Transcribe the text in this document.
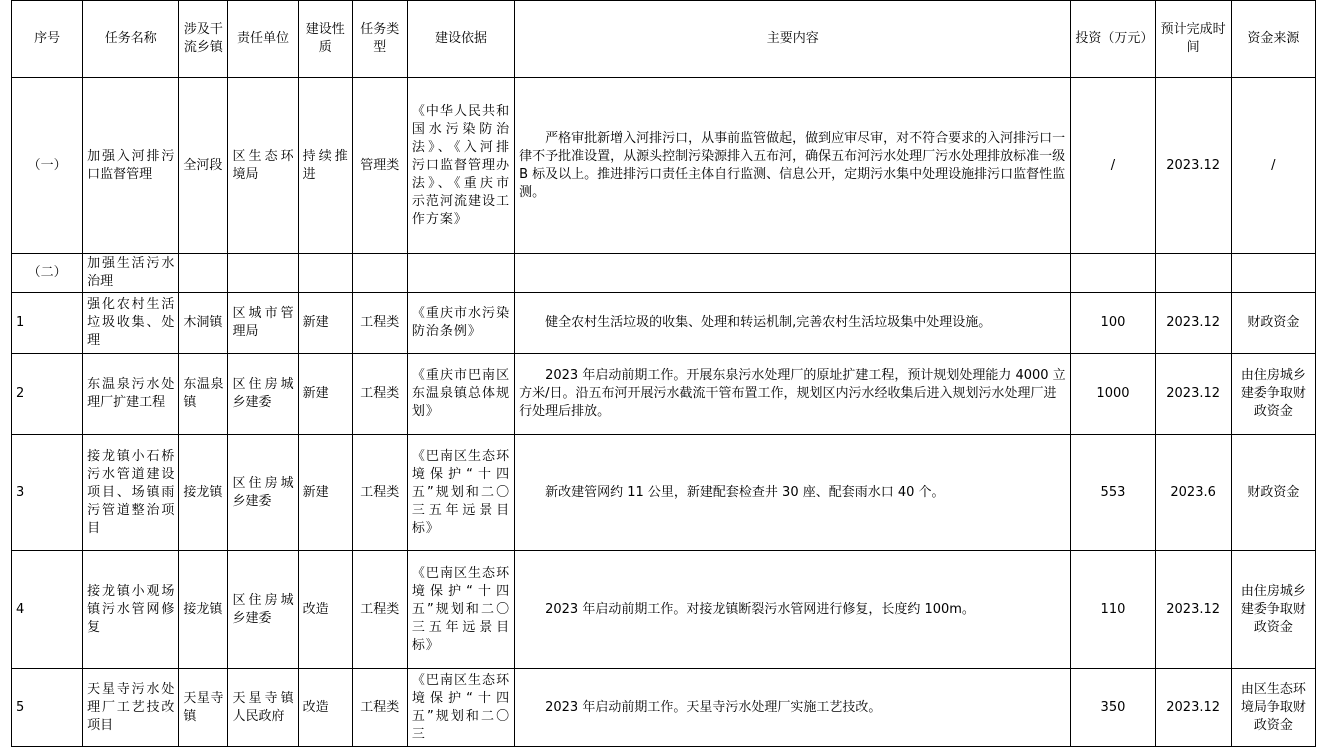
序号	任务名称	涉及干流乡镇	责任单位	建设性质	任务类型	建设依据	主要内容	投资（万元）	预计完成时间	资金来源
（一）	加强入河排污口监督管理	全河段	区生态环境局	持续推进	管理类	《中华人民共和国水污染防治法》、《入河排污口监督管理办法》、《重庆市示范河流建设工作方案》	严格审批新增入河排污口，从事前监管做起，做到应审尽审，对不符合要求的入河排污口一律不予批准设置，从源头控制污染源排入五布河，确保五布河污水处理厂污水处理排放标准一级 B 标及以上。推进排污口责任主体自行监测、信息公开，定期污水集中处理设施排污口监督性监测。	/	2023.12	/
（二）	加强生活污水治理									
1	强化农村生活垃圾收集、处理	木洞镇	区城市管理局	新建	工程类	《重庆市水污染防治条例》	健全农村生活垃圾的收集、处理和转运机制,完善农村生活垃圾集中处理设施。	100	2023.12	财政资金
2	东温泉污水处理厂扩建工程	东温泉镇	区住房城乡建委	新建	工程类	《重庆市巴南区东温泉镇总体规划》	2023 年启动前期工作。开展东泉污水处理厂的原址扩建工程，预计规划处理能力 4000 立方米/日。沿五布河开展污水截流干管布置工作，规划区内污水经收集后进入规划污水处理厂进行处理后排放。	1000	2023.12	由住房城乡建委争取财政资金
3	接龙镇小石桥污水管道建设项目、场镇雨污管道整治项目	接龙镇	区住房城乡建委	新建	工程类	《巴南区生态环境保护“十四五”规划和二〇三五年远景目标》	新改建管网约 11 公里，新建配套检查井 30 座、配套雨水口 40 个。	553	2023.6	财政资金
4	接龙镇小观场镇污水管网修复	接龙镇	区住房城乡建委	改造	工程类	《巴南区生态环境保护“十四五”规划和二〇三五年远景目标》	2023 年启动前期工作。对接龙镇断裂污水管网进行修复，长度约 100m。	110	2023.12	由住房城乡建委争取财政资金
5	天星寺污水处理厂工艺技改项目	天星寺镇	天星寺镇人民政府	改造	工程类	《巴南区生态环境保护“十四五”规划和二〇三	2023 年启动前期工作。天星寺污水处理厂实施工艺技改。	350	2023.12	由区生态环境局争取财政资金
